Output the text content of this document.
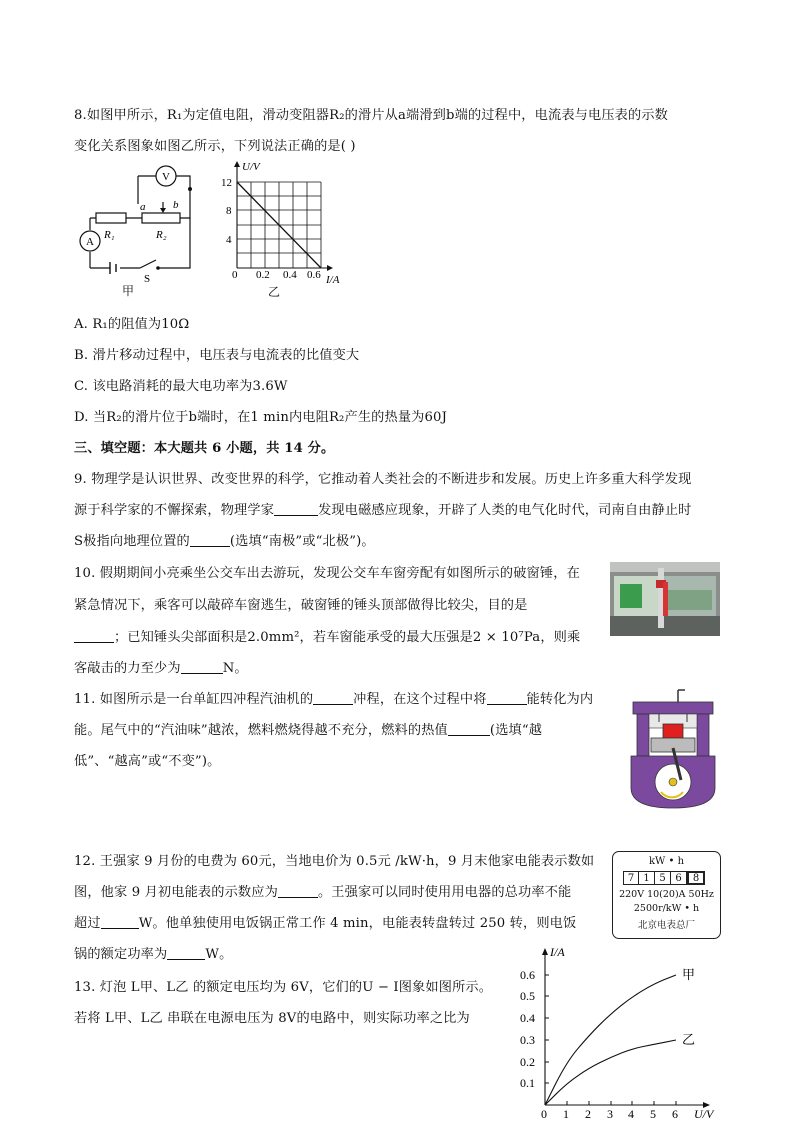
8.如图甲所示，R₁为定值电阻，滑动变阻器R₂的滑片从a端滑到b端的过程中，电流表与电压表的示数
变化关系图象如图乙所示，下列说法正确的是( )
V
A
a	b
R₁	R₂
S
甲
U/V
I/A
12
8
4
0 0.2 0.4 0.6
乙
A. R₁的阻值为10Ω
B. 滑片移动过程中，电压表与电流表的比值变大
C. 该电路消耗的最大电功率为3.6W
D. 当R₂的滑片位于b端时，在1 min内电阻R₂产生的热量为60J
三、填空题：本大题共 6 小题，共 14 分。
9. 物理学是认识世界、改变世界的科学，它推动着人类社会的不断进步和发展。历史上许多重大科学发现
源于科学家的不懈探索，物理学家	发现电磁感应现象，开辟了人类的电气化时代，司南自由静止时
S极指向地理位置的	(选填“南极”或“北极”)。
10. 假期期间小亮乘坐公交车出去游玩，发现公交车车窗旁配有如图所示的破窗锤，在
紧急情况下，乘客可以敲碎车窗逃生，破窗锤的锤头顶部做得比较尖，目的是
；已知锤头尖部面积是2.0mm²，若车窗能承受的最大压强是2 × 10⁷Pa，则乘
客敲击的力至少为	N。
11. 如图所示是一台单缸四冲程汽油机的	冲程，在这个过程中将	能转化为内
能。尾气中的“汽油味”越浓，燃料燃烧得越不充分，燃料的热值	(选填“越
低”、“越高”或“不变”)。
12. 王强家 9 月份的电费为 60元，当地电价为 0.5元 /kW·h，9 月末他家电能表示数如
图，他家 9 月初电能表的示数应为	。王强家可以同时使用用电器的总功率不能
超过	W。他单独使用电饭锅正常工作 4 min，电能表转盘转过 250 转，则电饭
锅的额定功率为	W。
kW • h
7 1 5 6	8
220V 10(20)A 50Hz
2500r/kW • h
北京电表总厂
13. 灯泡 L甲、L乙 的额定电压均为 6V，它们的U − I图象如图所示。
若将 L甲、L乙 串联在电源电压为 8V的电路中，则实际功率之比为
I/A
U/V
0.6
0.5
0.4
0.3
0.2
0.1
0 1 2 3 4 5 6
甲
乙
